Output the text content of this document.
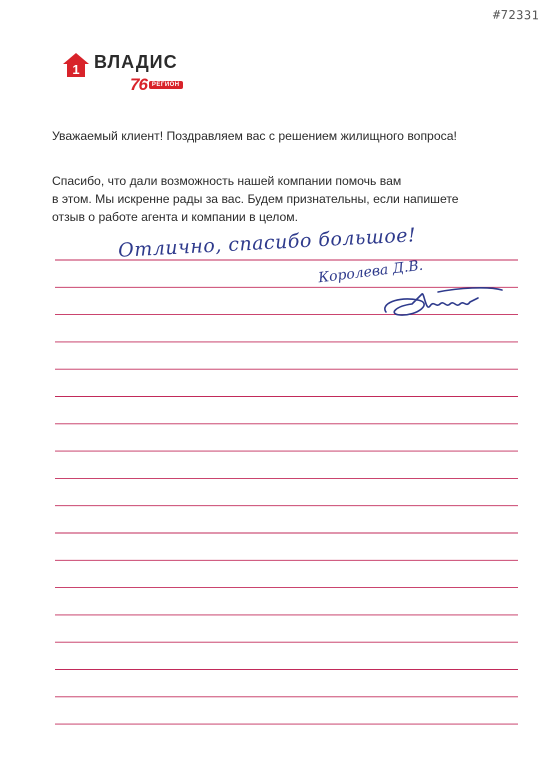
#72331
1 ВЛАДИС
76 РЕГИОН
Уважаемый клиент! Поздравляем вас с решением жилищного вопроса!
Спасибо, что дали возможность нашей компании помочь вам
в этом. Мы искренне рады за вас. Будем признательны, если напишете
отзыв о работе агента и компании в целом.
Отлично, спасибо большое!
Королева Д.В.
